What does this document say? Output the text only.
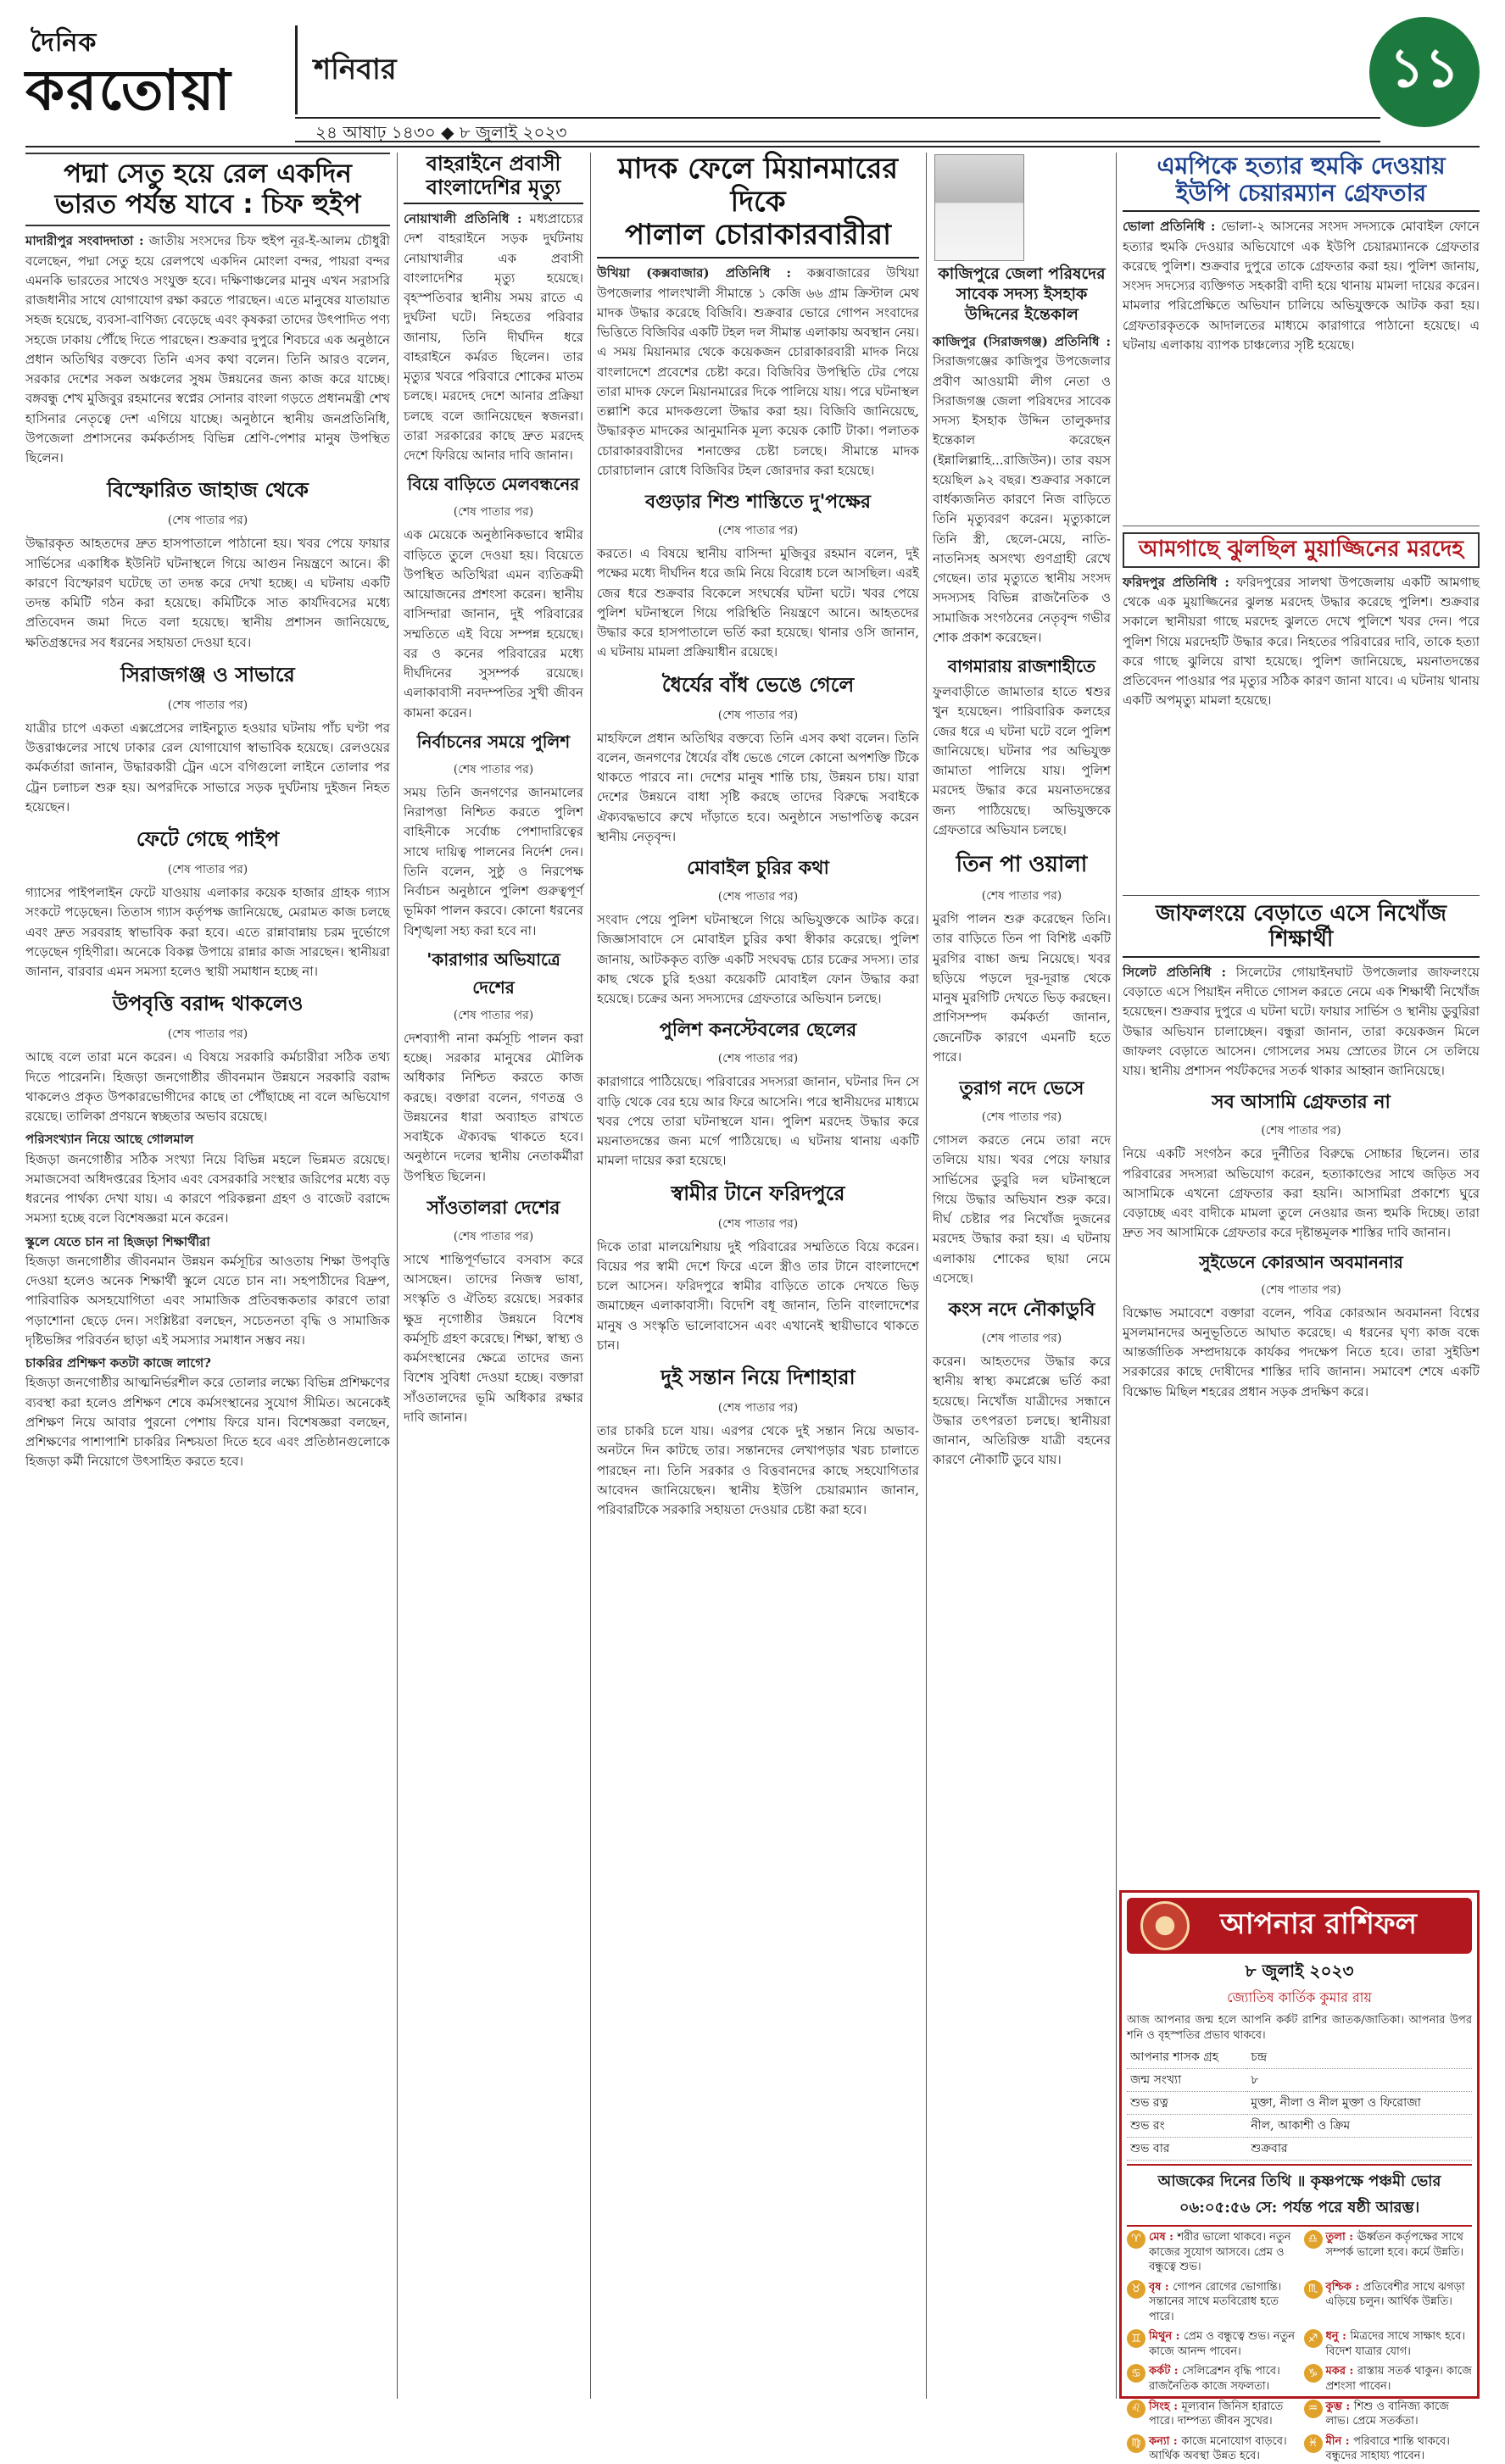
দৈনিক
করতোয়া	শনিবার
২৪ আষাঢ় ১৪৩০ ◆ ৮ জুলাই ২০২৩
১১
পদ্মা সেতু হয়ে রেল একদিন
ভারত পর্যন্ত যাবে : চিফ হুইপ

মাদারীপুর সংবাদদাতা : জাতীয় সংসদের চিফ হুইপ নূর-ই-আলম চৌধুরী বলেছেন, পদ্মা সেতু হয়ে রেলপথে একদিন মোংলা বন্দর, পায়রা বন্দর এমনকি ভারতের সাথেও সংযুক্ত হবে। দক্ষিণাঞ্চলের মানুষ এখন সরাসরি রাজধানীর সাথে যোগাযোগ রক্ষা করতে পারছেন। এতে মানুষের যাতায়াত সহজ হয়েছে, ব্যবসা-বাণিজ্য বেড়েছে এবং কৃষকরা তাদের উৎপাদিত পণ্য সহজে ঢাকায় পৌঁছে দিতে পারছেন। শুক্রবার দুপুরে শিবচরে এক অনুষ্ঠানে প্রধান অতিথির বক্তব্যে তিনি এসব কথা বলেন। তিনি আরও বলেন, সরকার দেশের সকল অঞ্চলের সুষম উন্নয়নের জন্য কাজ করে যাচ্ছে। বঙ্গবন্ধু শেখ মুজিবুর রহমানের স্বপ্নের সোনার বাংলা গড়তে প্রধানমন্ত্রী শেখ হাসিনার নেতৃত্বে দেশ এগিয়ে যাচ্ছে। অনুষ্ঠানে স্থানীয় জনপ্রতিনিধি, উপজেলা প্রশাসনের কর্মকর্তাসহ বিভিন্ন শ্রেণি-পেশার মানুষ উপস্থিত ছিলেন।

বিস্ফোরিত জাহাজ থেকে
(শেষ পাতার পর)

উদ্ধারকৃত আহতদের দ্রুত হাসপাতালে পাঠানো হয়। খবর পেয়ে ফায়ার সার্ভিসের একাধিক ইউনিট ঘটনাস্থলে গিয়ে আগুন নিয়ন্ত্রণে আনে। কী কারণে বিস্ফোরণ ঘটেছে তা তদন্ত করে দেখা হচ্ছে। এ ঘটনায় একটি তদন্ত কমিটি গঠন করা হয়েছে। কমিটিকে সাত কার্যদিবসের মধ্যে প্রতিবেদন জমা দিতে বলা হয়েছে। স্থানীয় প্রশাসন জানিয়েছে, ক্ষতিগ্রস্তদের সব ধরনের সহায়তা দেওয়া হবে।

সিরাজগঞ্জ ও সাভারে
(শেষ পাতার পর)

যাত্রীর চাপে একতা এক্সপ্রেসের লাইনচ্যুত হওয়ার ঘটনায় পাঁচ ঘণ্টা পর উত্তরাঞ্চলের সাথে ঢাকার রেল যোগাযোগ স্বাভাবিক হয়েছে। রেলওয়ের কর্মকর্তারা জানান, উদ্ধারকারী ট্রেন এসে বগিগুলো লাইনে তোলার পর ট্রেন চলাচল শুরু হয়। অপরদিকে সাভারে সড়ক দুর্ঘটনায় দুইজন নিহত হয়েছেন।

ফেটে গেছে পাইপ
(শেষ পাতার পর)

গ্যাসের পাইপলাইন ফেটে যাওয়ায় এলাকার কয়েক হাজার গ্রাহক গ্যাস সংকটে পড়েছেন। তিতাস গ্যাস কর্তৃপক্ষ জানিয়েছে, মেরামত কাজ চলছে এবং দ্রুত সরবরাহ স্বাভাবিক করা হবে। এতে রান্নাবান্নায় চরম দুর্ভোগে পড়েছেন গৃহিণীরা। অনেকে বিকল্প উপায়ে রান্নার কাজ সারছেন। স্থানীয়রা জানান, বারবার এমন সমস্যা হলেও স্থায়ী সমাধান হচ্ছে না।

উপবৃত্তি বরাদ্দ থাকলেও
(শেষ পাতার পর)

আছে বলে তারা মনে করেন। এ বিষয়ে সরকারি কর্মচারীরা সঠিক তথ্য দিতে পারেননি। হিজড়া জনগোষ্ঠীর জীবনমান উন্নয়নে সরকারি বরাদ্দ থাকলেও প্রকৃত উপকারভোগীদের কাছে তা পৌঁছাচ্ছে না বলে অভিযোগ রয়েছে। তালিকা প্রণয়নে স্বচ্ছতার অভাব রয়েছে।

পরিসংখ্যান নিয়ে আছে গোলমাল

হিজড়া জনগোষ্ঠীর সঠিক সংখ্যা নিয়ে বিভিন্ন মহলে ভিন্নমত রয়েছে। সমাজসেবা অধিদপ্তরের হিসাব এবং বেসরকারি সংস্থার জরিপের মধ্যে বড় ধরনের পার্থক্য দেখা যায়। এ কারণে পরিকল্পনা গ্রহণ ও বাজেট বরাদ্দে সমস্যা হচ্ছে বলে বিশেষজ্ঞরা মনে করেন।

স্কুলে যেতে চান না হিজড়া শিক্ষার্থীরা

হিজড়া জনগোষ্ঠীর জীবনমান উন্নয়ন কর্মসূচির আওতায় শিক্ষা উপবৃত্তি দেওয়া হলেও অনেক শিক্ষার্থী স্কুলে যেতে চান না। সহপাঠীদের বিদ্রুপ, পারিবারিক অসহযোগিতা এবং সামাজিক প্রতিবন্ধকতার কারণে তারা পড়াশোনা ছেড়ে দেন। সংশ্লিষ্টরা বলছেন, সচেতনতা বৃদ্ধি ও সামাজিক দৃষ্টিভঙ্গির পরিবর্তন ছাড়া এই সমস্যার সমাধান সম্ভব নয়।

চাকরির প্রশিক্ষণ কতটা কাজে লাগে?

হিজড়া জনগোষ্ঠীর আত্মনির্ভরশীল করে তোলার লক্ষ্যে বিভিন্ন প্রশিক্ষণের ব্যবস্থা করা হলেও প্রশিক্ষণ শেষে কর্মসংস্থানের সুযোগ সীমিত। অনেকেই প্রশিক্ষণ নিয়ে আবার পুরনো পেশায় ফিরে যান। বিশেষজ্ঞরা বলছেন, প্রশিক্ষণের পাশাপাশি চাকরির নিশ্চয়তা দিতে হবে এবং প্রতিষ্ঠানগুলোকে হিজড়া কর্মী নিয়োগে উৎসাহিত করতে হবে।

বাহরাইনে প্রবাসী বাংলাদেশির মৃত্যু

নোয়াখালী প্রতিনিধি : মধ্যপ্রাচ্যের দেশ বাহরাইনে সড়ক দুর্ঘটনায় নোয়াখালীর এক প্রবাসী বাংলাদেশির মৃত্যু হয়েছে। বৃহস্পতিবার স্থানীয় সময় রাতে এ দুর্ঘটনা ঘটে। নিহতের পরিবার জানায়, তিনি দীর্ঘদিন ধরে বাহরাইনে কর্মরত ছিলেন। তার মৃত্যুর খবরে পরিবারে শোকের মাতম চলছে। মরদেহ দেশে আনার প্রক্রিয়া চলছে বলে জানিয়েছেন স্বজনরা। তারা সরকারের কাছে দ্রুত মরদেহ দেশে ফিরিয়ে আনার দাবি জানান।

বিয়ে বাড়িতে মেলবন্ধনের
(শেষ পাতার পর)

এক মেয়েকে অনুষ্ঠানিকভাবে স্বামীর বাড়িতে তুলে দেওয়া হয়। বিয়েতে উপস্থিত অতিথিরা এমন ব্যতিক্রমী আয়োজনের প্রশংসা করেন। স্থানীয় বাসিন্দারা জানান, দুই পরিবারের সম্মতিতে এই বিয়ে সম্পন্ন হয়েছে। বর ও কনের পরিবারের মধ্যে দীর্ঘদিনের সুসম্পর্ক রয়েছে। এলাকাবাসী নবদম্পতির সুখী জীবন কামনা করেন।

নির্বাচনের সময়ে পুলিশ
(শেষ পাতার পর)

সময় তিনি জনগণের জানমালের নিরাপত্তা নিশ্চিত করতে পুলিশ বাহিনীকে সর্বোচ্চ পেশাদারিত্বের সাথে দায়িত্ব পালনের নির্দেশ দেন। তিনি বলেন, সুষ্ঠু ও নিরপেক্ষ নির্বাচন অনুষ্ঠানে পুলিশ গুরুত্বপূর্ণ ভূমিকা পালন করবে। কোনো ধরনের বিশৃঙ্খলা সহ্য করা হবে না।

'কারাগার অভিযাত্রে দেশের
(শেষ পাতার পর)

দেশব্যাপী নানা কর্মসূচি পালন করা হচ্ছে। সরকার মানুষের মৌলিক অধিকার নিশ্চিত করতে কাজ করছে। বক্তারা বলেন, গণতন্ত্র ও উন্নয়নের ধারা অব্যাহত রাখতে সবাইকে ঐক্যবদ্ধ থাকতে হবে। অনুষ্ঠানে দলের স্থানীয় নেতাকর্মীরা উপস্থিত ছিলেন।

সাঁওতালরা দেশের
(শেষ পাতার পর)

সাথে শান্তিপূর্ণভাবে বসবাস করে আসছেন। তাদের নিজস্ব ভাষা, সংস্কৃতি ও ঐতিহ্য রয়েছে। সরকার ক্ষুদ্র নৃগোষ্ঠীর উন্নয়নে বিশেষ কর্মসূচি গ্রহণ করেছে। শিক্ষা, স্বাস্থ্য ও কর্মসংস্থানের ক্ষেত্রে তাদের জন্য বিশেষ সুবিধা দেওয়া হচ্ছে। বক্তারা সাঁওতালদের ভূমি অধিকার রক্ষার দাবি জানান।

মাদক ফেলে মিয়ানমারের দিকে
পালাল চোরাকারবারীরা

উখিয়া (কক্সবাজার) প্রতিনিধি : কক্সবাজারের উখিয়া উপজেলার পালংখালী সীমান্তে ১ কেজি ৬৬ গ্রাম ক্রিস্টাল মেথ মাদক উদ্ধার করেছে বিজিবি। শুক্রবার ভোরে গোপন সংবাদের ভিত্তিতে বিজিবির একটি টহল দল সীমান্ত এলাকায় অবস্থান নেয়। এ সময় মিয়ানমার থেকে কয়েকজন চোরাকারবারী মাদক নিয়ে বাংলাদেশে প্রবেশের চেষ্টা করে। বিজিবির উপস্থিতি টের পেয়ে তারা মাদক ফেলে মিয়ানমারের দিকে পালিয়ে যায়। পরে ঘটনাস্থল তল্লাশি করে মাদকগুলো উদ্ধার করা হয়। বিজিবি জানিয়েছে, উদ্ধারকৃত মাদকের আনুমানিক মূল্য কয়েক কোটি টাকা। পলাতক চোরাকারবারীদের শনাক্তের চেষ্টা চলছে। সীমান্তে মাদক চোরাচালান রোধে বিজিবির টহল জোরদার করা হয়েছে।

বগুড়ার শিশু শাস্তিতে দু'পক্ষের
(শেষ পাতার পর)

করতে। এ বিষয়ে স্থানীয় বাসিন্দা মুজিবুর রহমান বলেন, দুই পক্ষের মধ্যে দীর্ঘদিন ধরে জমি নিয়ে বিরোধ চলে আসছিল। এরই জের ধরে শুক্রবার বিকেলে সংঘর্ষের ঘটনা ঘটে। খবর পেয়ে পুলিশ ঘটনাস্থলে গিয়ে পরিস্থিতি নিয়ন্ত্রণে আনে। আহতদের উদ্ধার করে হাসপাতালে ভর্তি করা হয়েছে। থানার ওসি জানান, এ ঘটনায় মামলা প্রক্রিয়াধীন রয়েছে।

ধৈর্যের বাঁধ ভেঙে গেলে
(শেষ পাতার পর)

মাহফিলে প্রধান অতিথির বক্তব্যে তিনি এসব কথা বলেন। তিনি বলেন, জনগণের ধৈর্যের বাঁধ ভেঙে গেলে কোনো অপশক্তি টিকে থাকতে পারবে না। দেশের মানুষ শান্তি চায়, উন্নয়ন চায়। যারা দেশের উন্নয়নে বাধা সৃষ্টি করছে তাদের বিরুদ্ধে সবাইকে ঐক্যবদ্ধভাবে রুখে দাঁড়াতে হবে। অনুষ্ঠানে সভাপতিত্ব করেন স্থানীয় নেতৃবৃন্দ।

মোবাইল চুরির কথা
(শেষ পাতার পর)

সংবাদ পেয়ে পুলিশ ঘটনাস্থলে গিয়ে অভিযুক্তকে আটক করে। জিজ্ঞাসাবাদে সে মোবাইল চুরির কথা স্বীকার করেছে। পুলিশ জানায়, আটককৃত ব্যক্তি একটি সংঘবদ্ধ চোর চক্রের সদস্য। তার কাছ থেকে চুরি হওয়া কয়েকটি মোবাইল ফোন উদ্ধার করা হয়েছে। চক্রের অন্য সদস্যদের গ্রেফতারে অভিযান চলছে।

পুলিশ কনস্টেবলের ছেলের
(শেষ পাতার পর)

কারাগারে পাঠিয়েছে। পরিবারের সদস্যরা জানান, ঘটনার দিন সে বাড়ি থেকে বের হয়ে আর ফিরে আসেনি। পরে স্থানীয়দের মাধ্যমে খবর পেয়ে তারা ঘটনাস্থলে যান। পুলিশ মরদেহ উদ্ধার করে ময়নাতদন্তের জন্য মর্গে পাঠিয়েছে। এ ঘটনায় থানায় একটি মামলা দায়ের করা হয়েছে।

স্বামীর টানে ফরিদপুরে
(শেষ পাতার পর)

দিকে তারা মালয়েশিয়ায় দুই পরিবারের সম্মতিতে বিয়ে করেন। বিয়ের পর স্বামী দেশে ফিরে এলে স্ত্রীও তার টানে বাংলাদেশে চলে আসেন। ফরিদপুরে স্বামীর বাড়িতে তাকে দেখতে ভিড় জমাচ্ছেন এলাকাবাসী। বিদেশি বধূ জানান, তিনি বাংলাদেশের মানুষ ও সংস্কৃতি ভালোবাসেন এবং এখানেই স্থায়ীভাবে থাকতে চান।

দুই সন্তান নিয়ে দিশাহারা
(শেষ পাতার পর)

তার চাকরি চলে যায়। এরপর থেকে দুই সন্তান নিয়ে অভাব-অনটনে দিন কাটছে তার। সন্তানদের লেখাপড়ার খরচ চালাতে পারছেন না। তিনি সরকার ও বিত্তবানদের কাছে সহযোগিতার আবেদন জানিয়েছেন। স্থানীয় ইউপি চেয়ারম্যান জানান, পরিবারটিকে সরকারি সহায়তা দেওয়ার চেষ্টা করা হবে।

কাজিপুরে জেলা পরিষদের
সাবেক সদস্য ইসহাক
উদ্দিনের ইন্তেকাল

কাজিপুর (সিরাজগঞ্জ) প্রতিনিধি : সিরাজগঞ্জের কাজিপুর উপজেলার প্রবীণ আওয়ামী লীগ নেতা ও সিরাজগঞ্জ জেলা পরিষদের সাবেক সদস্য ইসহাক উদ্দিন তালুকদার ইন্তেকাল করেছেন (ইন্নালিল্লাহি...রাজিউন)। তার বয়স হয়েছিল ৯২ বছর। শুক্রবার সকালে বার্ধক্যজনিত কারণে নিজ বাড়িতে তিনি মৃত্যুবরণ করেন। মৃত্যুকালে তিনি স্ত্রী, ছেলে-মেয়ে, নাতি-নাতনিসহ অসংখ্য গুণগ্রাহী রেখে গেছেন। তার মৃত্যুতে স্থানীয় সংসদ সদস্যসহ বিভিন্ন রাজনৈতিক ও সামাজিক সংগঠনের নেতৃবৃন্দ গভীর শোক প্রকাশ করেছেন।

বাগমারায় রাজশাহীতে

ফুলবাড়ীতে জামাতার হাতে শ্বশুর খুন হয়েছেন। পারিবারিক কলহের জের ধরে এ ঘটনা ঘটে বলে পুলিশ জানিয়েছে। ঘটনার পর অভিযুক্ত জামাতা পালিয়ে যায়। পুলিশ মরদেহ উদ্ধার করে ময়নাতদন্তের জন্য পাঠিয়েছে। অভিযুক্তকে গ্রেফতারে অভিযান চলছে।

তিন পা ওয়ালা
(শেষ পাতার পর)

মুরগি পালন শুরু করেছেন তিনি। তার বাড়িতে তিন পা বিশিষ্ট একটি মুরগির বাচ্চা জন্ম নিয়েছে। খবর ছড়িয়ে পড়লে দূর-দূরান্ত থেকে মানুষ মুরগিটি দেখতে ভিড় করছেন। প্রাণিসম্পদ কর্মকর্তা জানান, জেনেটিক কারণে এমনটি হতে পারে।

তুরাগ নদে ভেসে
(শেষ পাতার পর)

গোসল করতে নেমে তারা নদে তলিয়ে যায়। খবর পেয়ে ফায়ার সার্ভিসের ডুবুরি দল ঘটনাস্থলে গিয়ে উদ্ধার অভিযান শুরু করে। দীর্ঘ চেষ্টার পর নিখোঁজ দুজনের মরদেহ উদ্ধার করা হয়। এ ঘটনায় এলাকায় শোকের ছায়া নেমে এসেছে।

কংস নদে নৌকাডুবি
(শেষ পাতার পর)

করেন। আহতদের উদ্ধার করে স্থানীয় স্বাস্থ্য কমপ্লেক্সে ভর্তি করা হয়েছে। নিখোঁজ যাত্রীদের সন্ধানে উদ্ধার তৎপরতা চলছে। স্থানীয়রা জানান, অতিরিক্ত যাত্রী বহনের কারণে নৌকাটি ডুবে যায়।

এমপিকে হত্যার হুমকি দেওয়ায়
ইউপি চেয়ারম্যান গ্রেফতার

ভোলা প্রতিনিধি : ভোলা-২ আসনের সংসদ সদস্যকে মোবাইল ফোনে হত্যার হুমকি দেওয়ার অভিযোগে এক ইউপি চেয়ারম্যানকে গ্রেফতার করেছে পুলিশ। শুক্রবার দুপুরে তাকে গ্রেফতার করা হয়। পুলিশ জানায়, সংসদ সদস্যের ব্যক্তিগত সহকারী বাদী হয়ে থানায় মামলা দায়ের করেন। মামলার পরিপ্রেক্ষিতে অভিযান চালিয়ে অভিযুক্তকে আটক করা হয়। গ্রেফতারকৃতকে আদালতের মাধ্যমে কারাগারে পাঠানো হয়েছে। এ ঘটনায় এলাকায় ব্যাপক চাঞ্চল্যের সৃষ্টি হয়েছে।

আমগাছে ঝুলছিল মুয়াজ্জিনের মরদেহ

ফরিদপুর প্রতিনিধি : ফরিদপুরের সালথা উপজেলায় একটি আমগাছ থেকে এক মুয়াজ্জিনের ঝুলন্ত মরদেহ উদ্ধার করেছে পুলিশ। শুক্রবার সকালে স্থানীয়রা গাছে মরদেহ ঝুলতে দেখে পুলিশে খবর দেন। পরে পুলিশ গিয়ে মরদেহটি উদ্ধার করে। নিহতের পরিবারের দাবি, তাকে হত্যা করে গাছে ঝুলিয়ে রাখা হয়েছে। পুলিশ জানিয়েছে, ময়নাতদন্তের প্রতিবেদন পাওয়ার পর মৃত্যুর সঠিক কারণ জানা যাবে। এ ঘটনায় থানায় একটি অপমৃত্যু মামলা হয়েছে।

জাফলংয়ে বেড়াতে এসে নিখোঁজ শিক্ষার্থী

সিলেট প্রতিনিধি : সিলেটের গোয়াইনঘাট উপজেলার জাফলংয়ে বেড়াতে এসে পিয়াইন নদীতে গোসল করতে নেমে এক শিক্ষার্থী নিখোঁজ হয়েছেন। শুক্রবার দুপুরে এ ঘটনা ঘটে। ফায়ার সার্ভিস ও স্থানীয় ডুবুরিরা উদ্ধার অভিযান চালাচ্ছেন। বন্ধুরা জানান, তারা কয়েকজন মিলে জাফলং বেড়াতে আসেন। গোসলের সময় স্রোতের টানে সে তলিয়ে যায়। স্থানীয় প্রশাসন পর্যটকদের সতর্ক থাকার আহ্বান জানিয়েছে।

সব আসামি গ্রেফতার না
(শেষ পাতার পর)

নিয়ে একটি সংগঠন করে দুর্নীতির বিরুদ্ধে সোচ্চার ছিলেন। তার পরিবারের সদস্যরা অভিযোগ করেন, হত্যাকাণ্ডের সাথে জড়িত সব আসামিকে এখনো গ্রেফতার করা হয়নি। আসামিরা প্রকাশ্যে ঘুরে বেড়াচ্ছে এবং বাদীকে মামলা তুলে নেওয়ার জন্য হুমকি দিচ্ছে। তারা দ্রুত সব আসামিকে গ্রেফতার করে দৃষ্টান্তমূলক শাস্তির দাবি জানান।

সুইডেনে কোরআন অবমাননার
(শেষ পাতার পর)

বিক্ষোভ সমাবেশে বক্তারা বলেন, পবিত্র কোরআন অবমাননা বিশ্বের মুসলমানদের অনুভূতিতে আঘাত করেছে। এ ধরনের ঘৃণ্য কাজ বন্ধে আন্তর্জাতিক সম্প্রদায়কে কার্যকর পদক্ষেপ নিতে হবে। তারা সুইডিশ সরকারের কাছে দোষীদের শাস্তির দাবি জানান। সমাবেশ শেষে একটি বিক্ষোভ মিছিল শহরের প্রধান সড়ক প্রদক্ষিণ করে।

আপনার রাশিফল
৮ জুলাই ২০২৩
জ্যোতিষ কার্তিক কুমার রায়

আজ আপনার জন্ম হলে আপনি কর্কট রাশির জাতক/জাতিকা। আপনার উপর শনি ও বৃহস্পতির প্রভাব থাকবে।

আপনার শাসক গ্রহ	চন্দ্র
জন্ম সংখ্যা	৮
শুভ রত্ন	মুক্তা, নীলা ও নীল মুক্তা ও ফিরোজা
শুভ রং	নীল, আকাশী ও ক্রিম
শুভ বার	শুক্রবার
আজকের দিনের তিথি ॥ কৃষ্ণপক্ষে পঞ্চমী ভোর ০৬:০৫:৫৬ সে: পর্যন্ত পরে ষষ্ঠী আরম্ভ।
♈ মেষ : শরীর ভালো থাকবে। নতুন কাজের সুযোগ আসবে। প্রেম ও বন্ধুত্বে শুভ।
♎ তুলা : ঊর্ধ্বতন কর্তৃপক্ষের সাথে সম্পর্ক ভালো হবে। কর্মে উন্নতি।
♉ বৃষ : গোপন রোগের ভোগান্তি। সন্তানের সাথে মতবিরোধ হতে পারে।
♏ বৃশ্চিক : প্রতিবেশীর সাথে ঝগড়া এড়িয়ে চলুন। আর্থিক উন্নতি।
♊ মিথুন : প্রেম ও বন্ধুত্বে শুভ। নতুন কাজে আনন্দ পাবেন।
♐ ধনু : মিত্রদের সাথে সাক্ষাৎ হবে। বিদেশ যাত্রার যোগ।
♋ কর্কট : সেলিব্রেশন বৃদ্ধি পাবে। রাজনৈতিক কাজে সফলতা।
♑ মকর : রাস্তায় সতর্ক থাকুন। কাজে প্রশংসা পাবেন।
♌ সিংহ : মূল্যবান জিনিস হারাতে পারে। দাম্পত্য জীবন সুখের।
♒ কুম্ভ : শিশু ও বানিজ্য কাজে লাভ। প্রেমে সতর্কতা।
♍ কন্যা : কাজে মনোযোগ বাড়বে। আর্থিক অবস্থা উন্নত হবে।
♓ মীন : পরিবারে শান্তি থাকবে। বন্ধুদের সাহায্য পাবেন।
